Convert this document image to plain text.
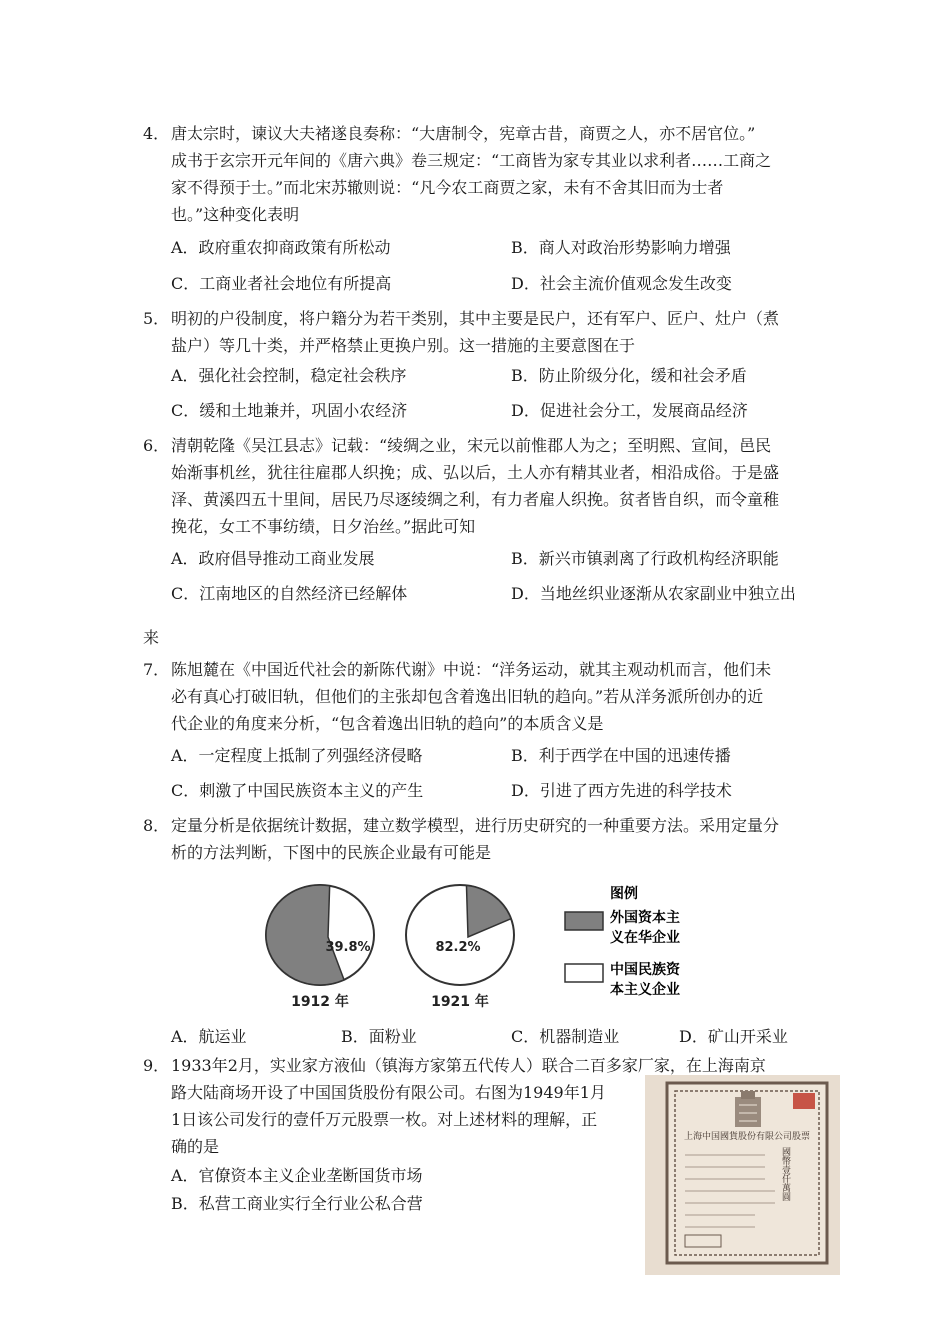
4． 唐太宗时，谏议大夫褚遂良奏称：“大唐制令，宪章古昔，商贾之人，亦不居官位。”
成书于玄宗开元年间的《唐六典》卷三规定：“工商皆为家专其业以求利者……工商之
家不得预于士。”而北宋苏辙则说：“凡今农工商贾之家，未有不舍其旧而为士者
也。”这种变化表明
A．政府重农抑商政策有所松动	B．商人对政治形势影响力增强
C．工商业者社会地位有所提高	D．社会主流价值观念发生改变
5． 明初的户役制度，将户籍分为若干类别，其中主要是民户，还有军户、匠户、灶户（煮
盐户）等几十类，并严格禁止更换户别。这一措施的主要意图在于
A．强化社会控制，稳定社会秩序	B．防止阶级分化，缓和社会矛盾
C．缓和土地兼并，巩固小农经济	D．促进社会分工，发展商品经济
6． 清朝乾隆《吴江县志》记载：“绫绸之业，宋元以前惟郡人为之；至明熙、宣间，邑民
始渐事机丝，犹往往雇郡人织挽；成、弘以后，土人亦有精其业者，相沿成俗。于是盛
泽、黄溪四五十里间，居民乃尽逐绫绸之利，有力者雇人织挽。贫者皆自织，而令童稚
挽花，女工不事纺绩，日夕治丝。”据此可知
A．政府倡导推动工商业发展	B．新兴市镇剥离了行政机构经济职能
C．江南地区的自然经济已经解体	D．当地丝织业逐渐从农家副业中独立出
来
7． 陈旭麓在《中国近代社会的新陈代谢》中说：“洋务运动，就其主观动机而言，他们未
必有真心打破旧轨，但他们的主张却包含着逸出旧轨的趋向。”若从洋务派所创办的近
代企业的角度来分析，“包含着逸出旧轨的趋向”的本质含义是
A．一定程度上抵制了列强经济侵略	B．利于西学在中国的迅速传播
C．刺激了中国民族资本主义的产生	D．引进了西方先进的科学技术
8． 定量分析是依据统计数据，建立数学模型，进行历史研究的一种重要方法。采用定量分
析的方法判断，下图中的民族企业最有可能是
39.8%
1912 年
82.2%
1921 年
图例
外国资本主
义在华企业
中国民族资
本主义企业
A．航运业	B．面粉业	C．机器制造业	D．矿山开采业
9． 1933年2月，实业家方液仙（镇海方家第五代传人）联合二百多家厂家，在上海南京
路大陆商场开设了中国国货股份有限公司。右图为1949年1月
1日该公司发行的壹仟万元股票一枚。对上述材料的理解，正
确的是
A．官僚资本主义企业垄断国货市场
B．私营工商业实行全行业公私合营
上海中国國貨股份有限公司股票
國幣壹仟萬圓
